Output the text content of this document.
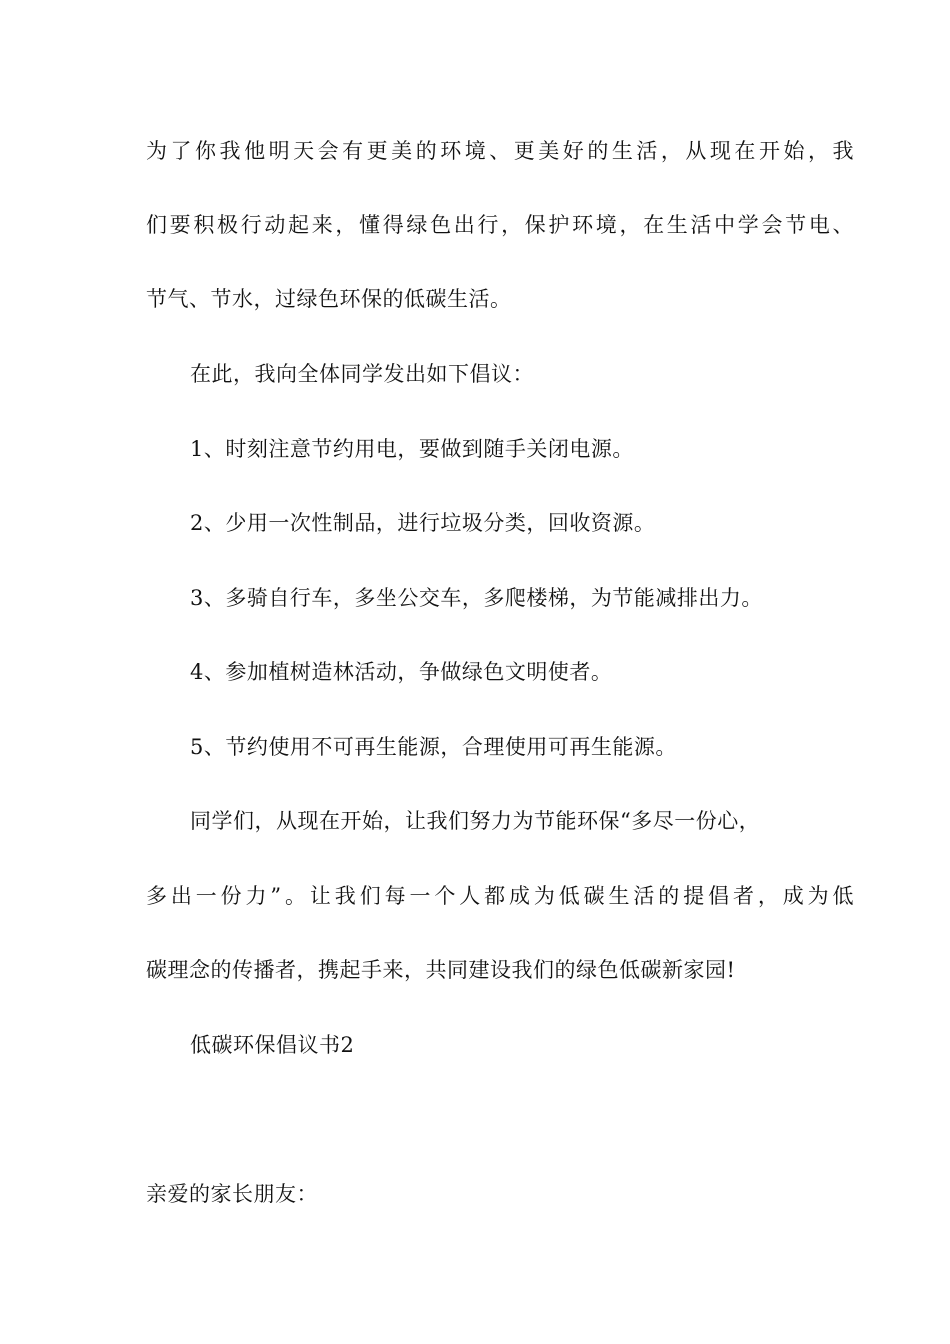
为了你我他明天会有更美的环境、更美好的生活，从现在开始，我
们要积极行动起来，懂得绿色出行，保护环境，在生活中学会节电、
节气、节水，过绿色环保的低碳生活。
在此，我向全体同学发出如下倡议：
1、时刻注意节约用电，要做到随手关闭电源。
2、少用一次性制品，进行垃圾分类，回收资源。
3、多骑自行车，多坐公交车，多爬楼梯，为节能减排出力。
4、参加植树造林活动，争做绿色文明使者。
5、节约使用不可再生能源，合理使用可再生能源。
同学们，从现在开始，让我们努力为节能环保“多尽一份心，
多出一份力”。让我们每一个人都成为低碳生活的提倡者，成为低
碳理念的传播者，携起手来，共同建设我们的绿色低碳新家园!
低碳环保倡议书2
亲爱的家长朋友：
